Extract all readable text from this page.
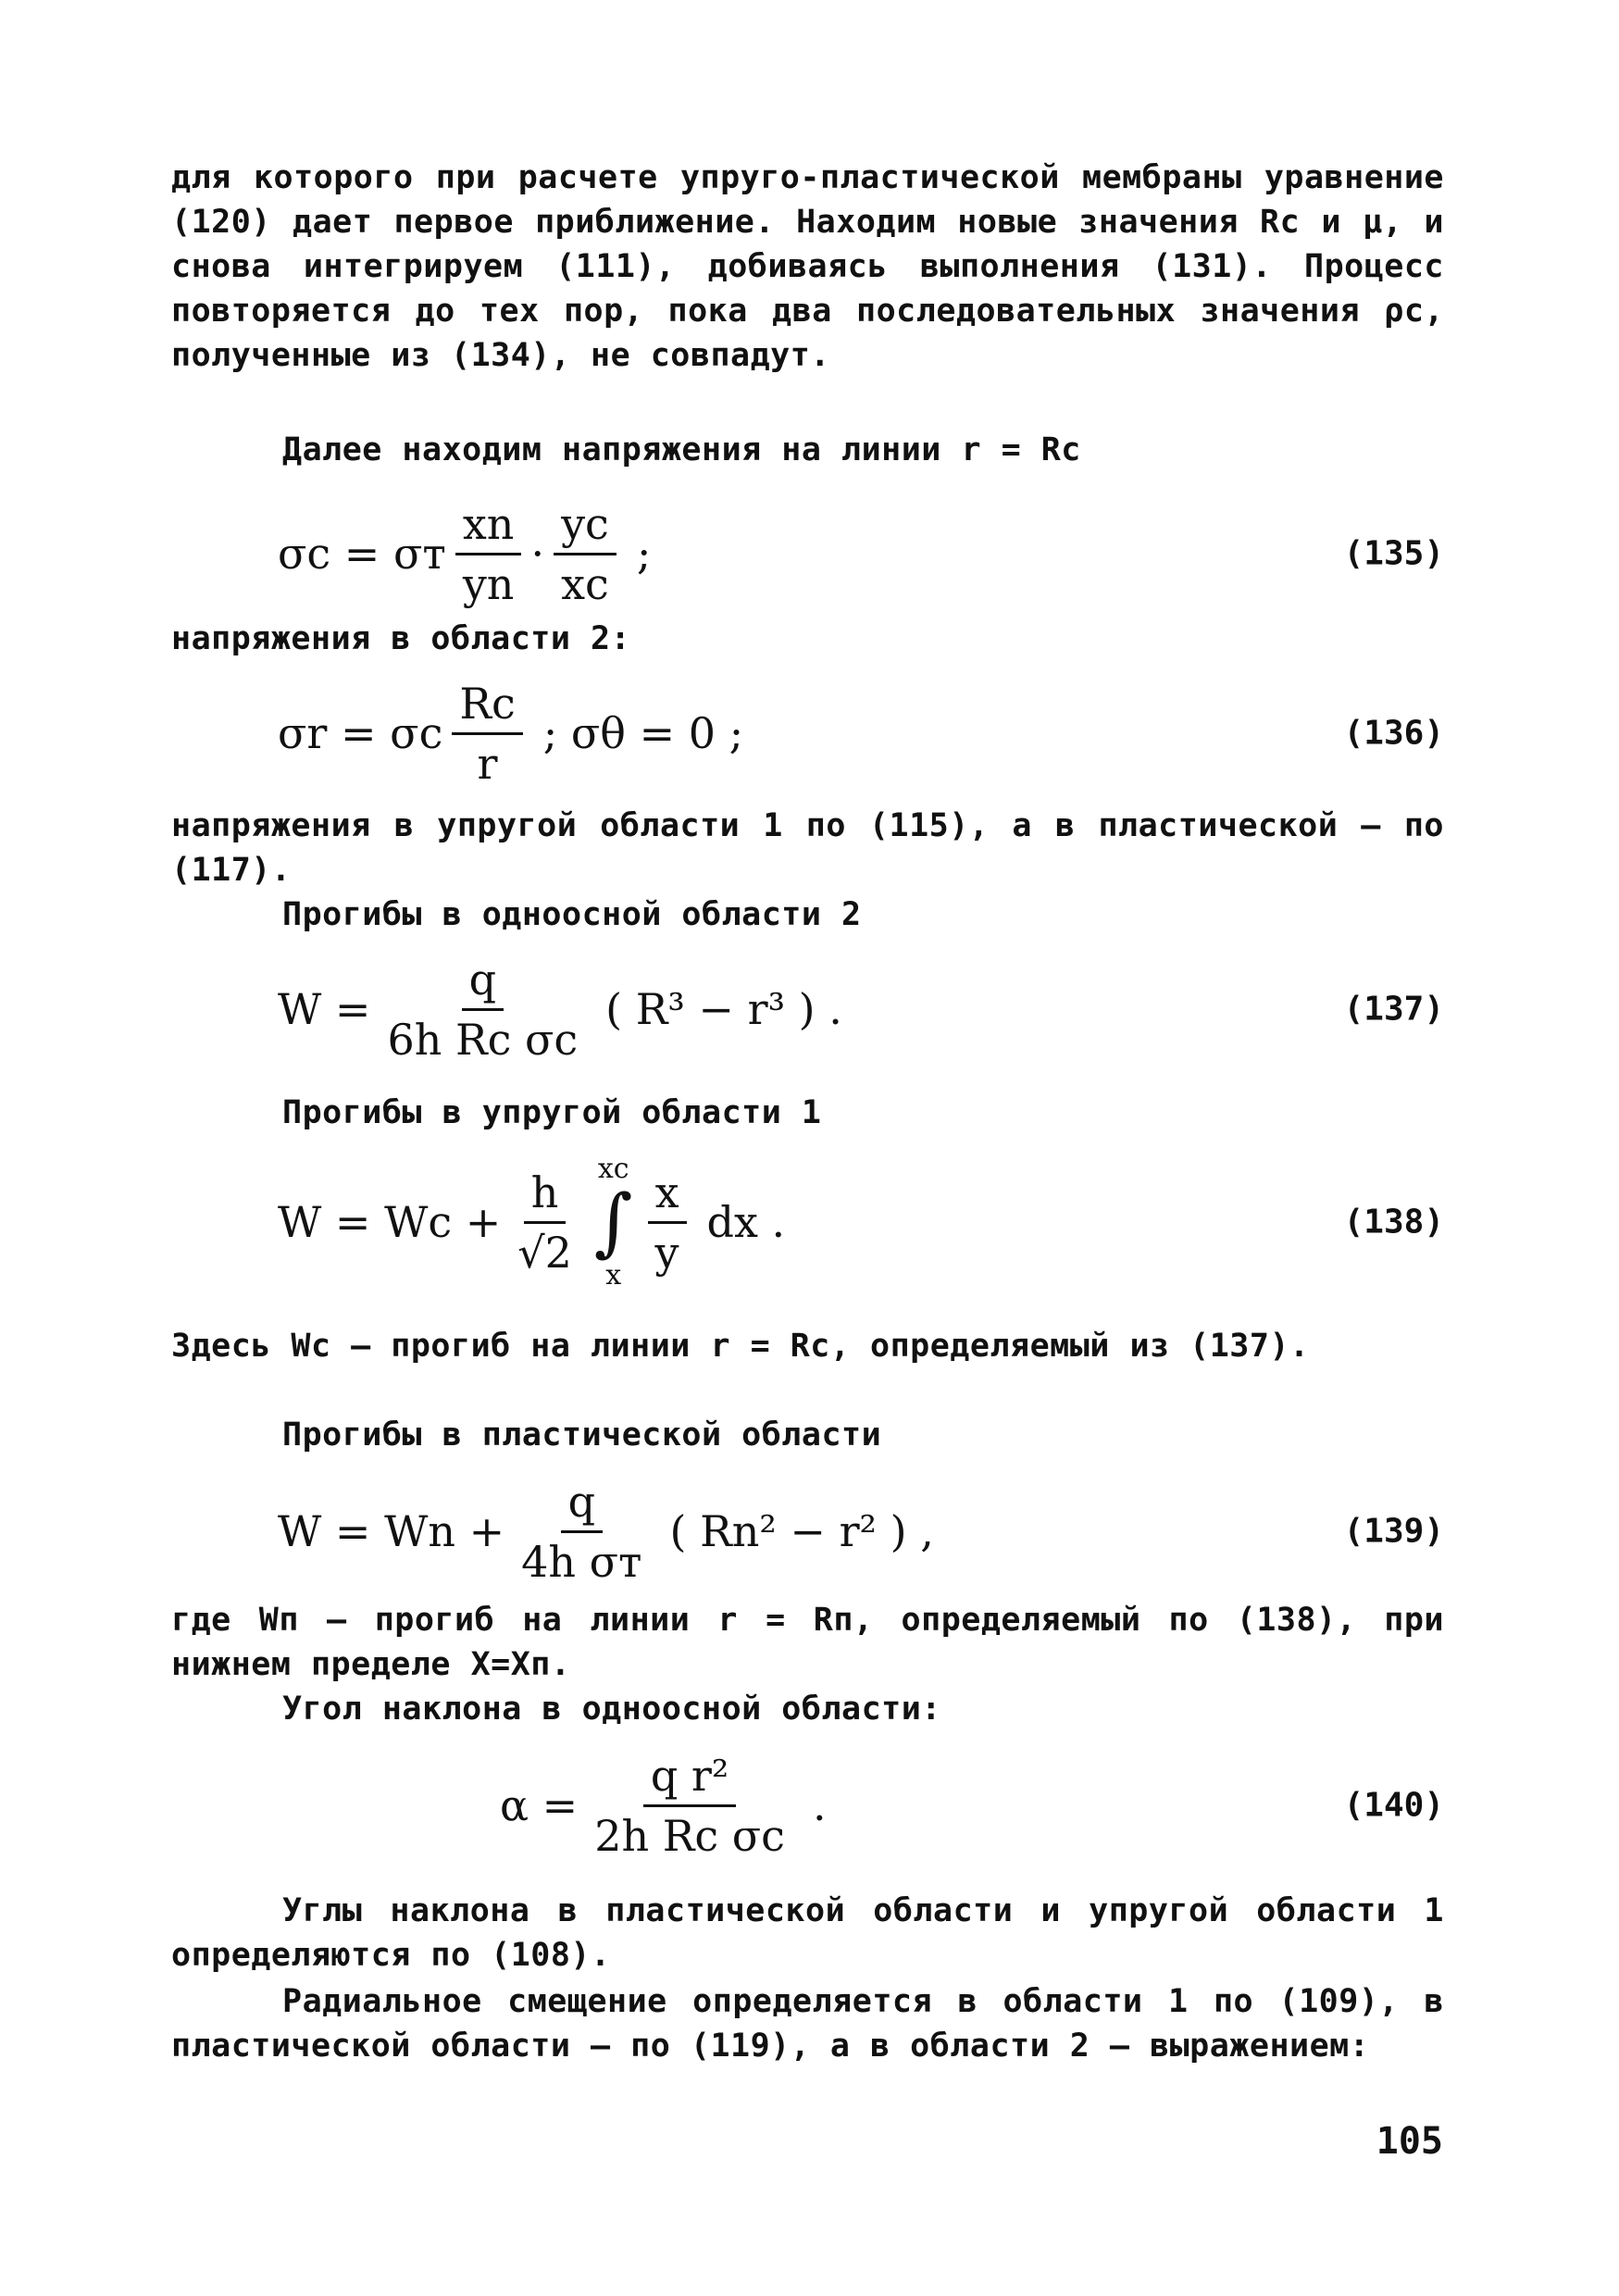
для которого при расчете упруго-пластической мембраны уравнение (120) дает первое приближение. Находим новые значения Rc и μ, и снова интегрируем (111), добиваясь выполнения (131). Процесс повторяется до тех пор, пока два последовательных значения ρc, полученные из (134), не совпадут.
Далее находим напряжения на линии r = Rc
σc = σт $\frac{xn}{yn} \cdot \frac{yc}{xc}$ ;	(135)
напряжения в области 2:
σr = σc $\frac{Rc}{r}$ ; σθ = 0 ;	(136)
напряжения в упругой области 1 по (115), а в пластической – по (117).
Прогибы в одноосной области 2
$W = \frac{q}{\text{6h Rc σc}}$ ( R³ − r³ ) .	(137)
Прогибы в упругой области 1
$W = Wc + \frac{h}{√2}$ xc
∫
x $\frac{x}{y}$ dx .	(138)
Здесь Wc – прогиб на линии r = Rc, определяемый из (137).
Прогибы в пластической области
$W = Wn + \frac{q}{\text{4h σт}}$ ( Rn² − r² ) ,	(139)
где Wп – прогиб на линии r = Rп, определяемый по (138), при нижнем пределе X=Xп.
Угол наклона в одноосной области:
$\alpha = \frac{\text{q r²}}{\text{2h Rc σc}}$ .	(140)
Углы наклона в пластической области и упругой области 1 определяются по (108).
Радиальное смещение определяется в области 1 по (109), в пластической области – по (119), а в области 2 – выражением:
105
